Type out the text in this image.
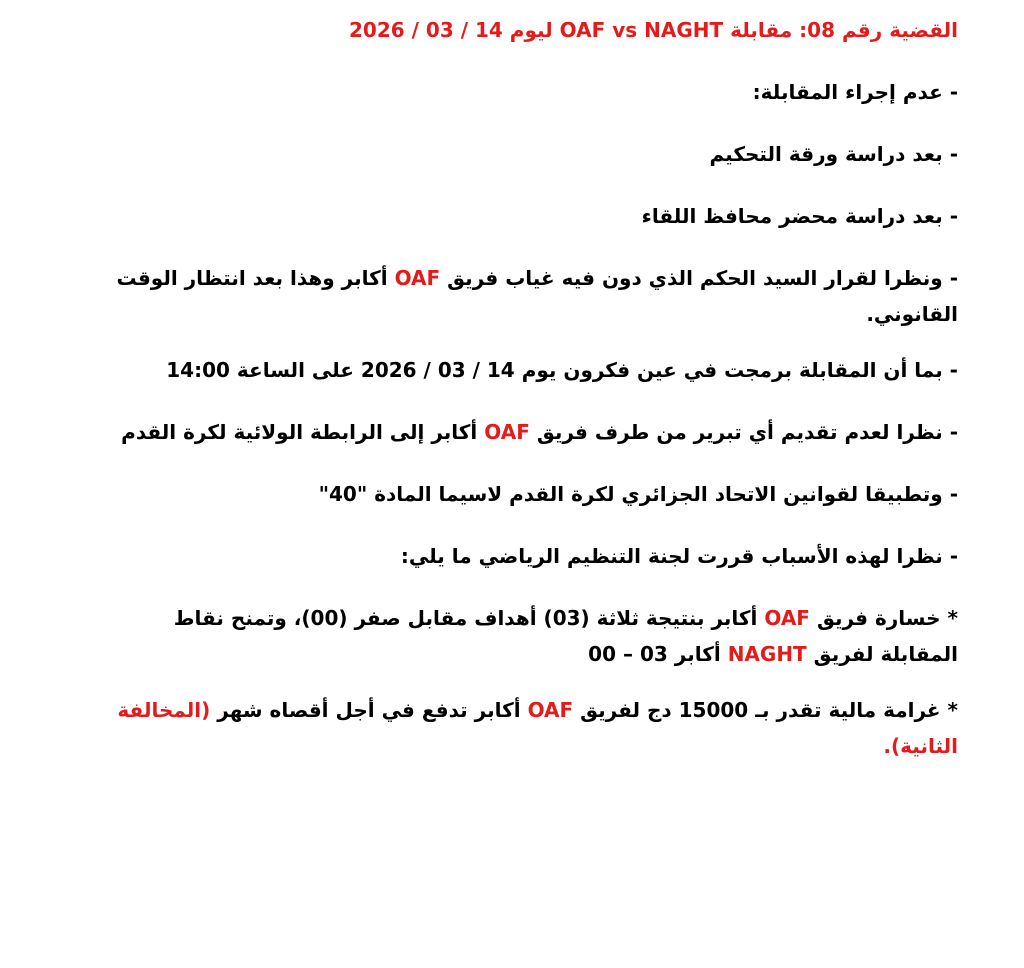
القضية رقم 08: مقابلة OAF vs NAGHT ليوم 14 / 03 / 2026

- عدم إجراء المقابلة:

- بعد دراسة ورقة التحكيم

- بعد دراسة محضر محافظ اللقاء

- ونظرا لقرار السيد الحكم الذي دون فيه غياب فريق OAF أكابر وهذا بعد انتظار الوقت

القانوني.

- بما أن المقابلة برمجت في عين فكرون يوم 14 / 03 / 2026 على الساعة 14:00

- نظرا لعدم تقديم أي تبرير من طرف فريق OAF أكابر إلى الرابطة الولائية لكرة القدم

- وتطبيقا لقوانين الاتحاد الجزائري لكرة القدم لاسيما المادة "40"

- نظرا لهذه الأسباب قررت لجنة التنظيم الرياضي ما يلي:

* خسارة فريق OAF أكابر بنتيجة ثلاثة (03) أهداف مقابل صفر (00)، وتمنح نقاط

المقابلة لفريق NAGHT أكابر 03 – 00

* غرامة مالية تقدر بـ 15000 دج لفريق OAF أكابر تدفع في أجل أقصاه شهر (المخالفة

الثانية).
